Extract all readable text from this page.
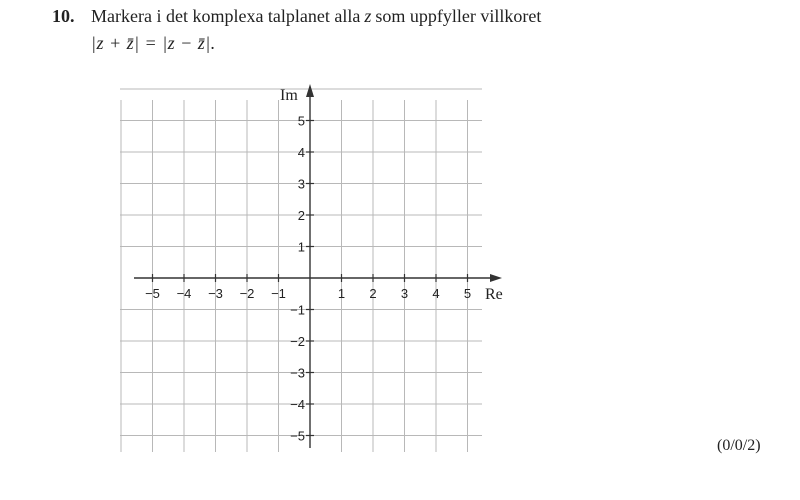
10. Markera i det komplexa talplanet alla z som uppfyller villkoret
|z + z̄| = |z − z̄|.
−5 −4 −3 −2 −1	1 2 3 4 5
5
4
3
2
1
−1
−2
−3
−4
−5
Re
Im
(0/0/2)
